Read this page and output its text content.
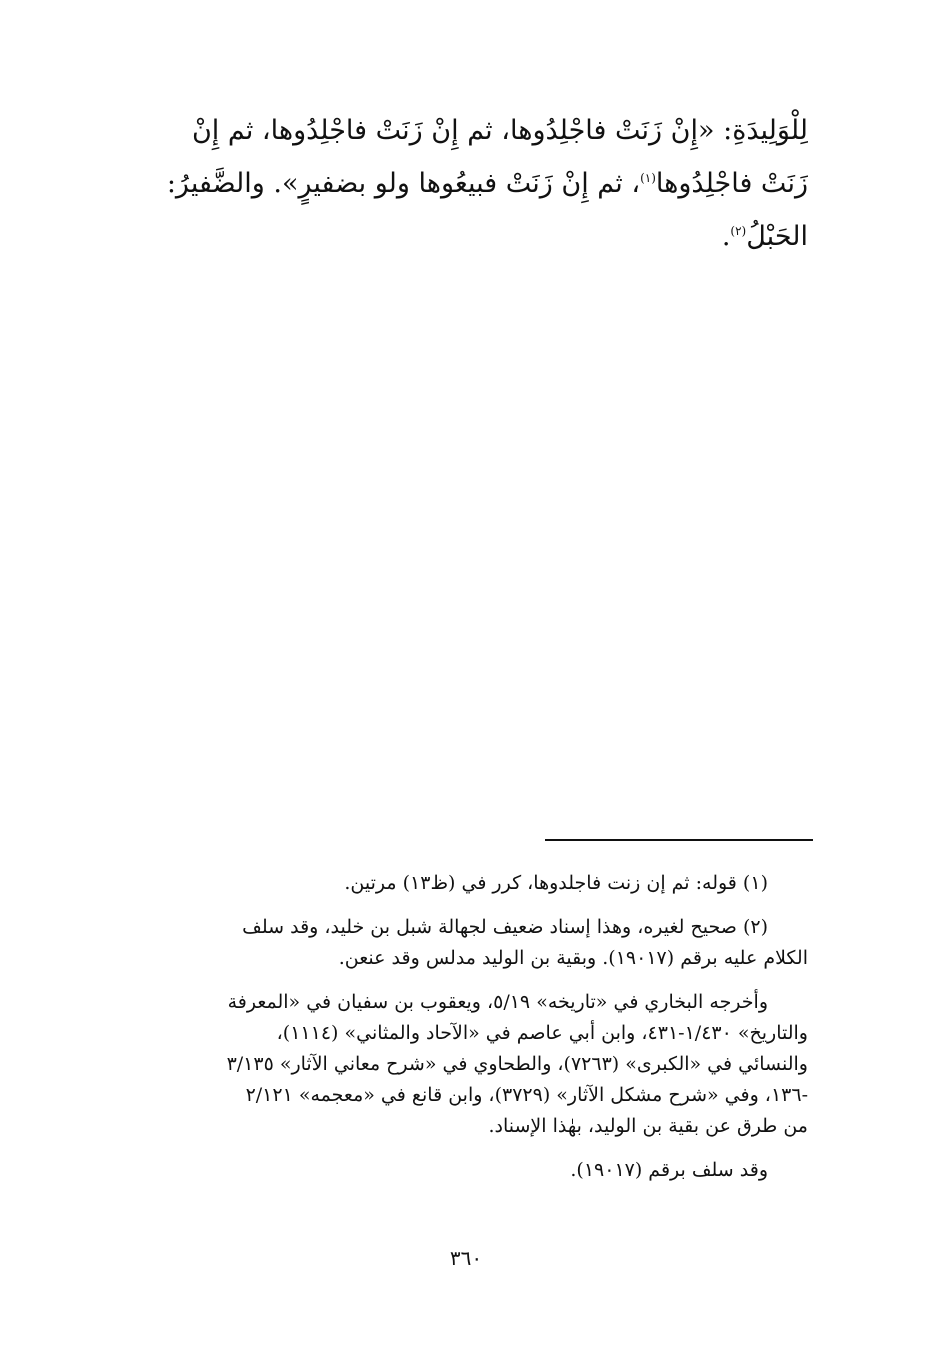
لِلْوَلِيدَةِ: «إِنْ زَنَتْ فاجْلِدُوها، ثم إِنْ زَنَتْ فاجْلِدُوها، ثم إِنْ
زَنَتْ فاجْلِدُوها$^{(١)}$، ثم إِنْ زَنَتْ فبيعُوها ولو بضفيرٍ». والضَّفيرُ:
الحَبْلُ$^{(٢)}$.

(١) قوله: ثم إن زنت فاجلدوها، كرر في (ظ١٣) مرتين.

(٢) صحيح لغيره، وهذا إسناد ضعيف لجهالة شبل بن خليد، وقد سلف
الكلام عليه برقم (١٩٠١٧). وبقية بن الوليد مدلس وقد عنعن.

وأخرجه البخاري في «تاريخه» ٥/١٩، ويعقوب بن سفيان في «المعرفة
والتاريخ» ١/٤٣٠-٤٣١، وابن أبي عاصم في «الآحاد والمثاني» (١١١٤)،
والنسائي في «الكبرى» (٧٢٦٣)، والطحاوي في «شرح معاني الآثار» ٣/١٣٥
-١٣٦، وفي «شرح مشكل الآثار» (٣٧٢٩)، وابن قانع في «معجمه» ٢/١٢١
من طرق عن بقية بن الوليد، بهٰذا الإسناد.

وقد سلف برقم (١٩٠١٧).

٣٦٠
